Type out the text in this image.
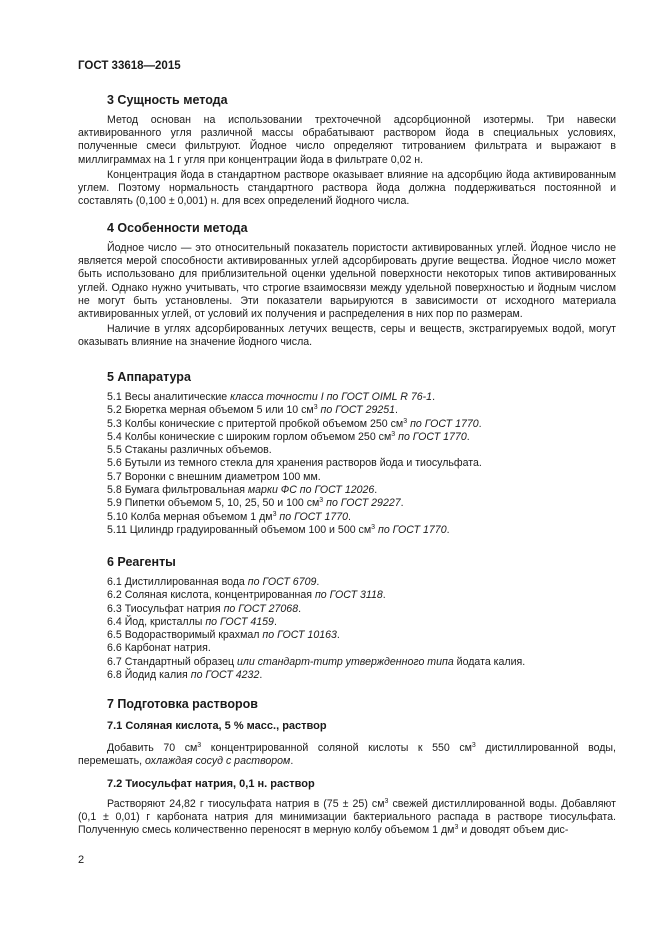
ГОСТ 33618—2015
3 Сущность метода

Метод основан на использовании трехточечной адсорбционной изотермы. Три навески активированного угля различной массы обрабатывают раствором йода в специальных условиях, полученные смеси фильтруют. Йодное число определяют титрованием фильтрата и выражают в миллиграммах на 1 г угля при концентрации йода в фильтрате 0,02 н.

Концентрация йода в стандартном растворе оказывает влияние на адсорбцию йода активированным углем. Поэтому нормальность стандартного раствора йода должна поддерживаться постоянной и составлять (0,100 ± 0,001) н. для всех определений йодного числа.

4 Особенности метода

Йодное число — это относительный показатель пористости активированных углей. Йодное число не является мерой способности активированных углей адсорбировать другие вещества. Йодное число может быть использовано для приблизительной оценки удельной поверхности некоторых типов активированных углей. Однако нужно учитывать, что строгие взаимосвязи между удельной поверхностью и йодным числом не могут быть установлены. Эти показатели варьируются в зависимости от исходного материала активированных углей, от условий их получения и распределения в них пор по размерам.

Наличие в углях адсорбированных летучих веществ, серы и веществ, экстрагируемых водой, могут оказывать влияние на значение йодного числа.

5 Аппаратура
5.1 Весы аналитические класса точности I по ГОСТ OIML R 76-1.
5.2 Бюретка мерная объемом 5 или 10 $см^3$ по ГОСТ 29251.
5.3 Колбы конические с притертой пробкой объемом 250 $см^3$ по ГОСТ 1770.
5.4 Колбы конические с широким горлом объемом 250 $см^3$ по ГОСТ 1770.
5.5 Стаканы различных объемов.
5.6 Бутыли из темного стекла для хранения растворов йода и тиосульфата.
5.7 Воронки с внешним диаметром 100 мм.
5.8 Бумага фильтровальная марки ФС по ГОСТ 12026.
5.9 Пипетки объемом 5, 10, 25, 50 и 100 $см^3$ по ГОСТ 29227.
5.10 Колба мерная объемом 1 $дм^3$ по ГОСТ 1770.
5.11 Цилиндр градуированный объемом 100 и 500 $см^3$ по ГОСТ 1770.
6 Реагенты
6.1 Дистиллированная вода по ГОСТ 6709.
6.2 Соляная кислота, концентрированная по ГОСТ 3118.
6.3 Тиосульфат натрия по ГОСТ 27068.
6.4 Йод, кристаллы по ГОСТ 4159.
6.5 Водорастворимый крахмал по ГОСТ 10163.
6.6 Карбонат натрия.
6.7 Стандартный образец или стандарт-титр утвержденного типа йодата калия.
6.8 Йодид калия по ГОСТ 4232.
7 Подготовка растворов
7.1 Соляная кислота, 5 % масс., раствор

Добавить 70 $см^3$ концентрированной соляной кислоты к 550 $см^3$ дистиллированной воды, перемешать, охлаждая сосуд с раствором.

7.2 Тиосульфат натрия, 0,1 н. раствор

Растворяют 24,82 г тиосульфата натрия в (75 ± 25) $см^3$ свежей дистиллированной воды. Добавляют (0,1 ± 0,01) г карбоната натрия для минимизации бактериального распада в растворе тиосульфата. Полученную смесь количественно переносят в мерную колбу объемом 1 $дм^3$ и доводят объем дис-

2
